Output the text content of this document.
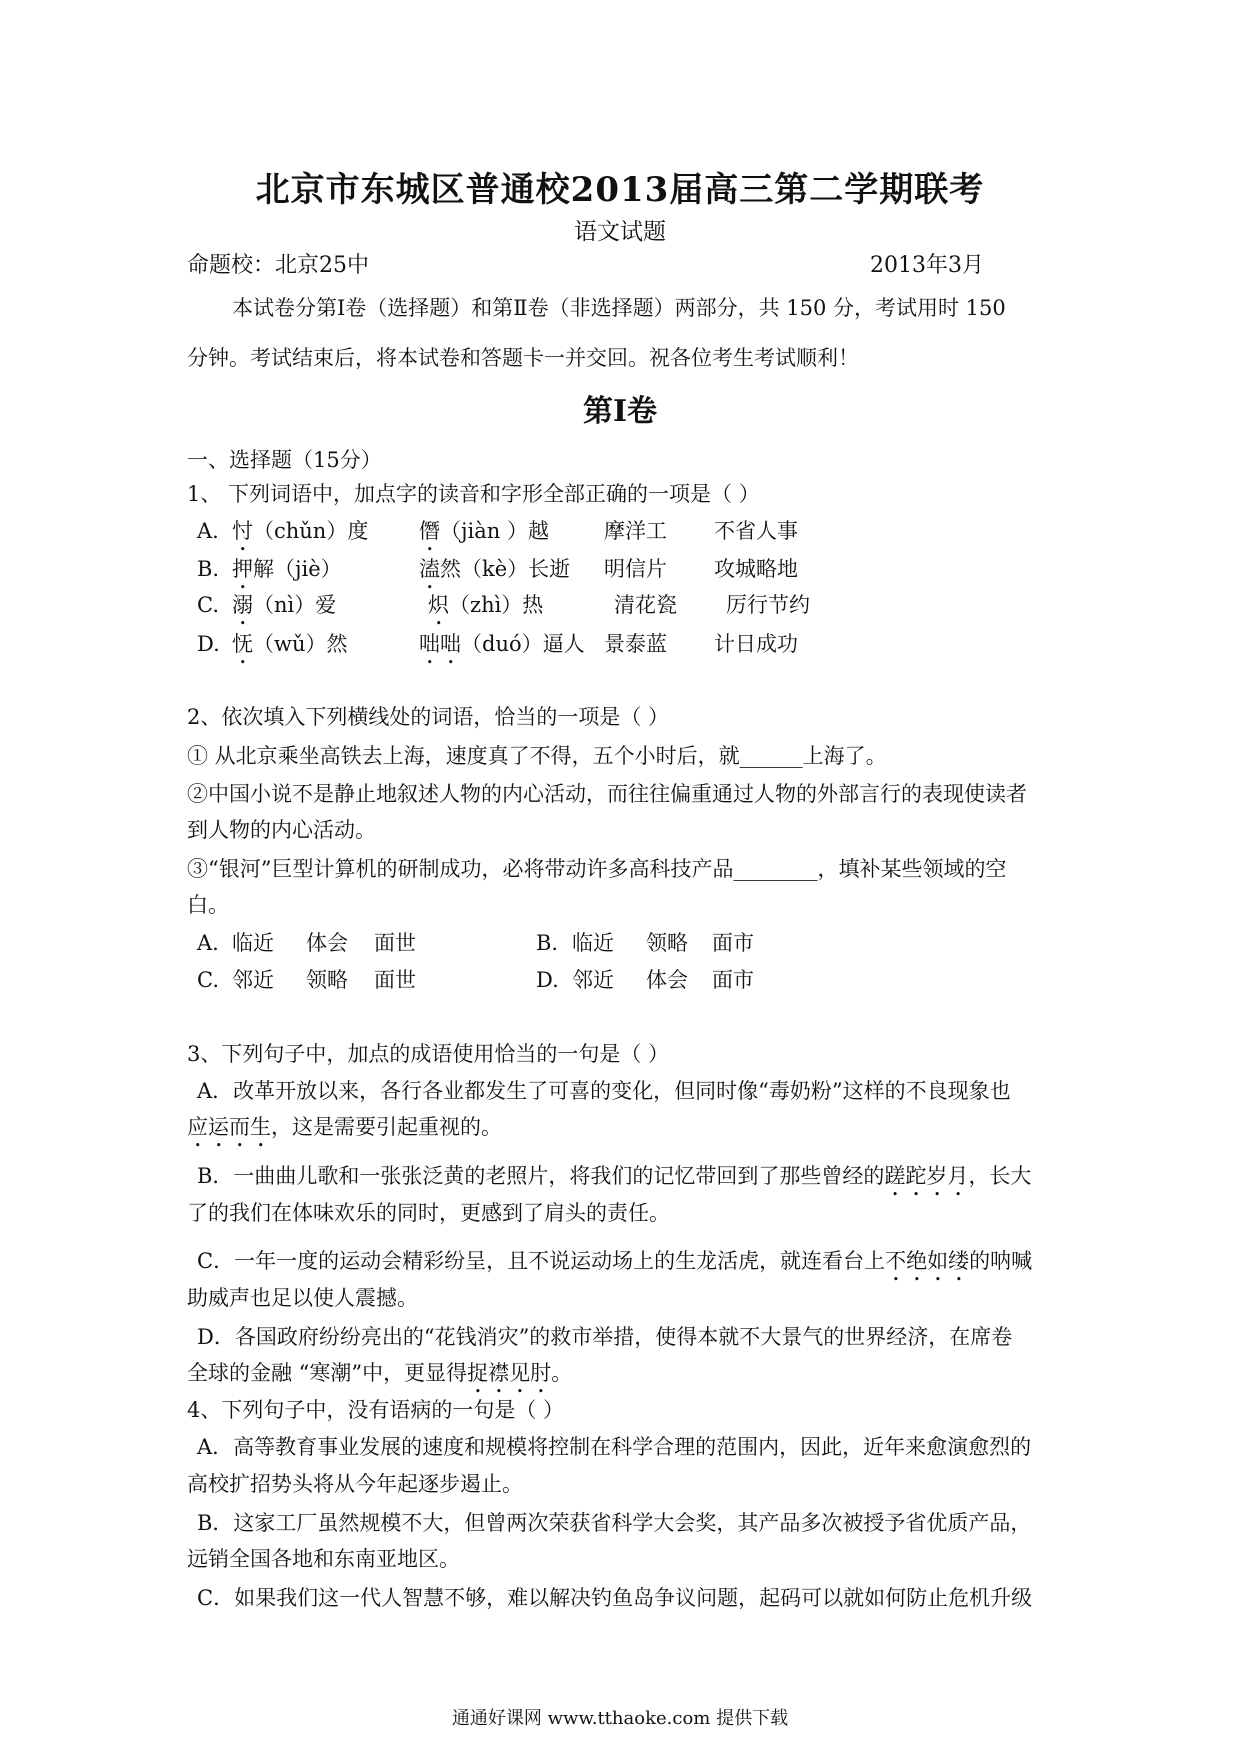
北京市东城区普通校2013届高三第二学期联考
语文试题
命题校：北京25中	2013年3月
本试卷分第Ⅰ卷（选择题）和第Ⅱ卷（非选择题）两部分，共 150 分，考试用时 150
分钟。考试结束后，将本试卷和答题卡一并交回。祝各位考生考试顺利！
第Ⅰ卷
一、选择题（15分）
1、 下列词语中，加点字的读音和字形全部正确的一项是（ ）
A. 忖（chǔn）度 僭（jiàn ）越	摩洋工 不省人事
B. 押解（jiè）	溘然（kè）长逝 明信片 攻城略地
C. 溺（nì）爱	炽（zhì）热	清花瓷 厉行节约
D. 怃（wǔ）然	咄咄（duó）逼人 景泰蓝 计日成功
2、依次填入下列横线处的词语，恰当的一项是（ ）
① 从北京乘坐高铁去上海，速度真了不得，五个小时后，就______上海了。
②中国小说不是静止地叙述人物的内心活动，而往往偏重通过人物的外部言行的表现使读者
到人物的内心活动。
③“银河”巨型计算机的研制成功，必将带动许多高科技产品________，填补某些领域的空
白。
A. 临近 体会 面世	B. 临近 领略 面市
C. 邻近 领略 面世	D. 邻近 体会 面市
3、下列句子中，加点的成语使用恰当的一句是（ ）
A．改革开放以来，各行各业都发生了可喜的变化，但同时像“毒奶粉”这样的不良现象也
应运而生，这是需要引起重视的。
B．一曲曲儿歌和一张张泛黄的老照片，将我们的记忆带回到了那些曾经的蹉跎岁月，长大
了的我们在体味欢乐的同时，更感到了肩头的责任。
C．一年一度的运动会精彩纷呈，且不说运动场上的生龙活虎，就连看台上不绝如缕的呐喊
助威声也足以使人震撼。
D．各国政府纷纷亮出的“花钱消灾”的救市举措，使得本就不大景气的世界经济，在席卷
全球的金融 “寒潮”中，更显得捉襟见肘。
4、下列句子中，没有语病的一句是（ ）
A．高等教育事业发展的速度和规模将控制在科学合理的范围内，因此，近年来愈演愈烈的
高校扩招势头将从今年起逐步遏止。
B．这家工厂虽然规模不大，但曾两次荣获省科学大会奖，其产品多次被授予省优质产品，
远销全国各地和东南亚地区。
C．如果我们这一代人智慧不够，难以解决钓鱼岛争议问题，起码可以就如何防止危机升级
通通好课网 www.tthaoke.com 提供下载
